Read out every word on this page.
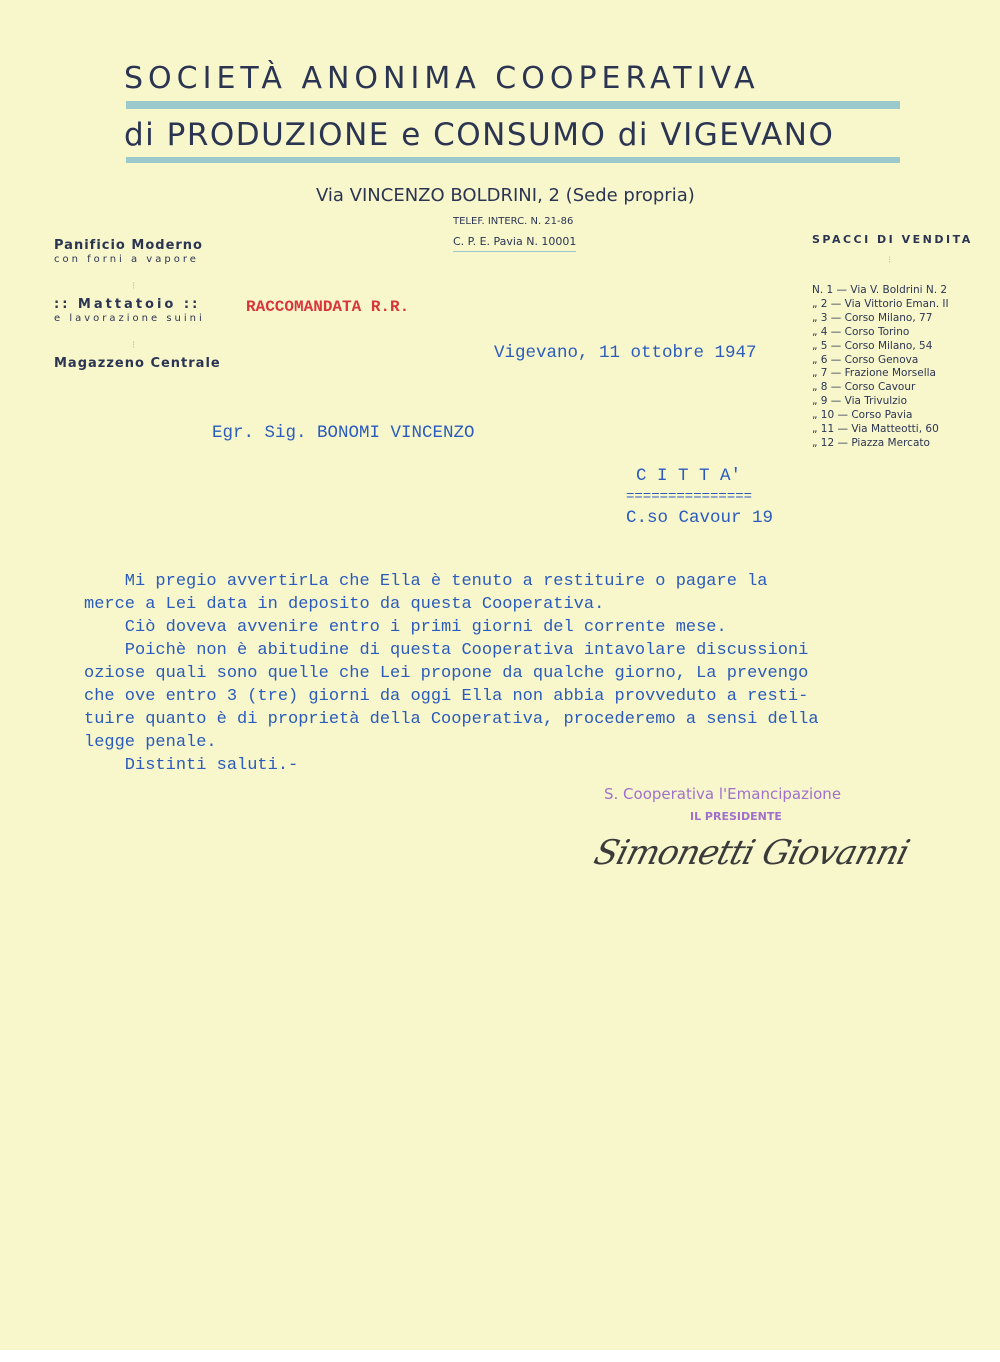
SOCIETÀ ANONIMA COOPERATIVA
di PRODUZIONE e CONSUMO di VIGEVANO
Via VINCENZO BOLDRINI, 2 (Sede propria)
TELEF. INTERC. N. 21-86
C. P. E. Pavia N. 10001
Panificio Moderno
con forni a vapore
⁝
:: Mattatoio ::
e lavorazione suini
⁝
Magazzeno Centrale
SPACCI DI VENDITA
⁝
N. 1 — Via V. Boldrini N. 2
„ 2 — Via Vittorio Eman. II
„ 3 — Corso Milano, 77
„ 4 — Corso Torino
„ 5 — Corso Milano, 54
„ 6 — Corso Genova
„ 7 — Frazione Morsella
„ 8 — Corso Cavour
„ 9 — Via Trivulzio
„ 10 — Corso Pavia
„ 11 — Via Matteotti, 60
„ 12 — Piazza Mercato
RACCOMANDATA R.R.
Vigevano, 11 ottobre 1947
Egr. Sig. BONOMI VINCENZO
C I T T A'
===============
C.so Cavour 19
Mi pregio avvertirLa che Ella è tenuto a restituire o pagare la
merce a Lei data in deposito da questa Cooperativa.
Ciò doveva avvenire entro i primi giorni del corrente mese.
Poichè non è abitudine di questa Cooperativa intavolare discussioni
oziose quali sono quelle che Lei propone da qualche giorno, La prevengo
che ove entro 3 (tre) giorni da oggi Ella non abbia provveduto a resti-
tuire quanto è di proprietà della Cooperativa, procederemo a sensi della
legge penale.
Distinti saluti.-
S. Cooperativa l'Emancipazione
IL PRESIDENTE
Simonetti Giovanni
